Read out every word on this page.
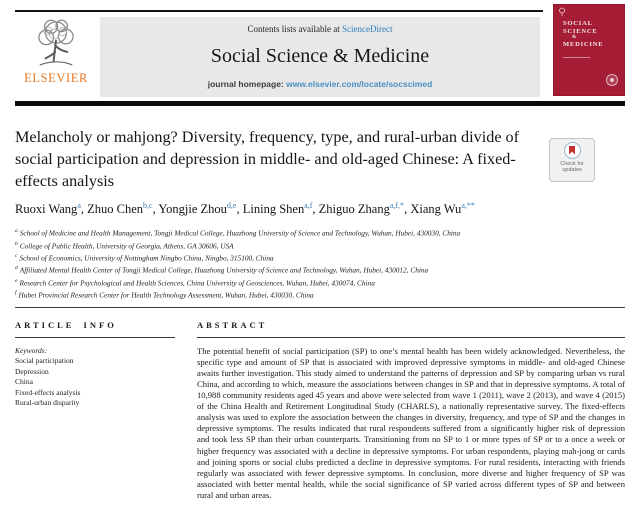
ELSEVIER
Contents lists available at ScienceDirect
Social Science & Medicine
journal homepage: www.elsevier.com/locate/socscimed
SOCIAL
SCIENCE
&
MEDICINE
Melancholy or mahjong? Diversity, frequency, type, and rural-urban divide of social participation and depression in middle- and old-aged Chinese: A fixed-effects analysis
Check for updates
Ruoxi Wang$^a$, Zhuo Chen$^{b,c}$, Yongjie Zhou$^{d,e}$, Lining Shen$^{a,f}$, Zhiguo Zhang$^{a,f,*}$, Xiang $Wu^{a,**}$
$^a$ School of Medicine and Health Management, Tongji Medical College, Huazhong University of Science and Technology, Wuhan, Hubei, 430030, China
$^b$ College of Public Health, University of Georgia, Athens, GA 30606, USA
$^c$ School of Economics, University of Nottingham Ningbo China, Ningbo, 315100, China
$^d$ Affiliated Mental Health Center of Tongji Medical College, Huazhong University of Science and Technology, Wuhan, Hubei, 430012, China
$^e$ Research Center for Psychological and Health Sciences, China University of Geosciences, Wuhan, Hubei, 430074, China
$^f$ Hubei Provincial Research Center for Health Technology Assessment, Wuhan, Hubei, 430030, China
ARTICLE INFO
Keywords:
Social participation
Depression
China
Fixed-effects analysis
Rural-urban disparity
ABSTRACT

The potential benefit of social participation (SP) to one’s mental health has been widely acknowledged. Nevertheless, the specific type and amount of SP that is associated with improved depressive symptoms in middle- and old-aged Chinese awaits further investigation. This study aimed to understand the patterns of depression and SP by comparing urban vs rural China, and according to which, measure the associations between changes in SP and that in depressive symptoms. A total of 10,988 community residents aged 45 years and above were selected from wave 1 (2011), wave 2 (2013), and wave 4 (2015) of the China Health and Retirement Longitudinal Study (CHARLS), a nationally representative survey. The fixed-effects analysis was used to explore the association between the changes in diversity, frequency, and type of SP and the changes in depressive symptoms. The results indicated that rural respondents suffered from a significantly higher risk of depression and took less SP than their urban counterparts. Transitioning from no SP to 1 or more types of SP or to a once a week or higher frequency was associated with a decline in depressive symptoms. For urban respondents, playing mah-jong or cards and joining sports or social clubs predicted a decline in depressive symptoms. For rural residents, interacting with friends regularly was associated with fewer depressive symptoms. In conclusion, more diverse and higher frequency of SP was associated with better mental health, while the social significance of SP varied across different types of SP and between rural and urban areas.
